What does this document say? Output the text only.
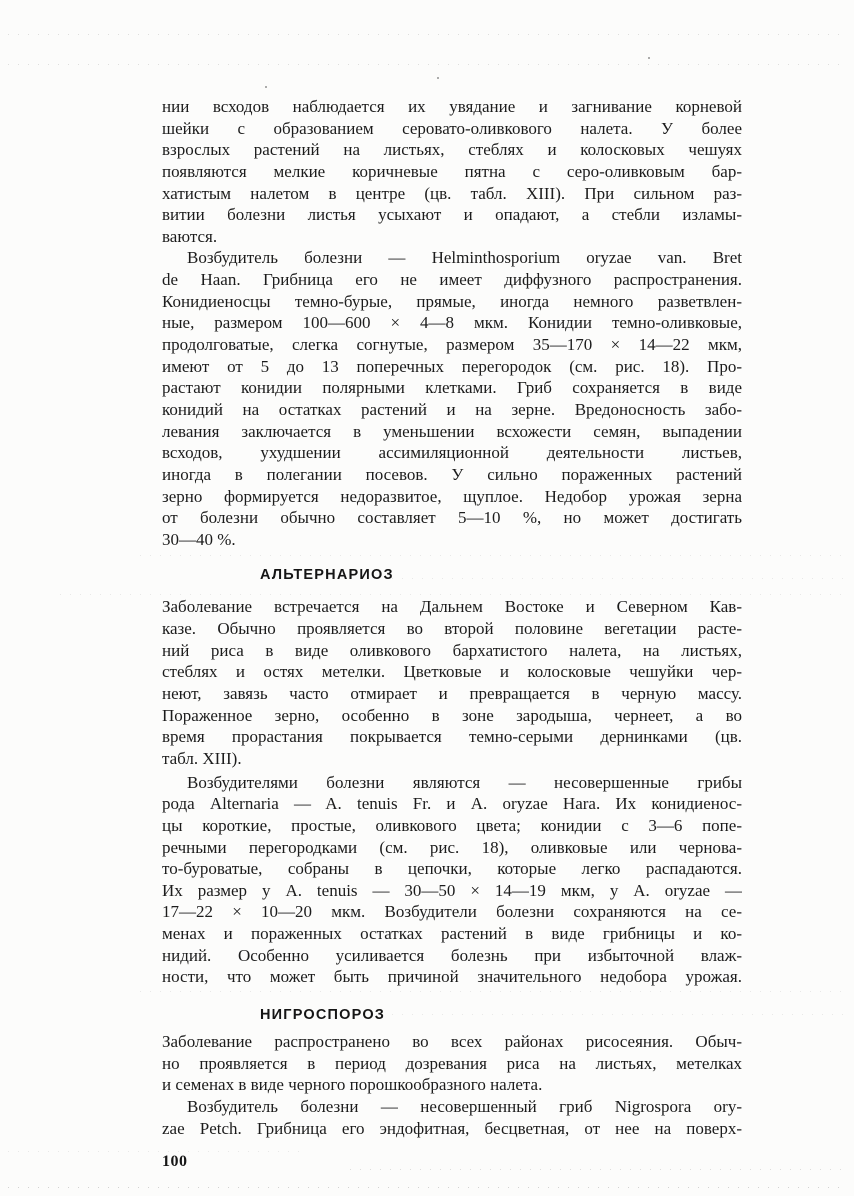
нии всходов наблюдается их увядание и загнивание корневой
шейки с образованием серовато-оливкового налета. У более
взрослых растений на листьях, стеблях и колосковых чешуях
появляются мелкие коричневые пятна с серо-оливковым бар-
хатистым налетом в центре (цв. табл. XIII). При сильном раз-
витии болезни листья усыхают и опадают, а стебли изламы-
ваются.
Возбудитель болезни — Helminthosporium oryzae van. Bret
de Haan. Грибница его не имеет диффузного распространения.
Конидиеносцы темно-бурые, прямые, иногда немного разветвлен-
ные, размером 100—600 × 4—8 мкм. Конидии темно-оливковые,
продолговатые, слегка согнутые, размером 35—170 × 14—22 мкм,
имеют от 5 до 13 поперечных перегородок (см. рис. 18). Про-
растают конидии полярными клетками. Гриб сохраняется в виде
конидий на остатках растений и на зерне. Вредоносность забо-
левания заключается в уменьшении всхожести семян, выпадении
всходов, ухудшении ассимиляционной деятельности листьев,
иногда в полегании посевов. У сильно пораженных растений
зерно формируется недоразвитое, щуплое. Недобор урожая зерна
от болезни обычно составляет 5—10 %, но может достигать
30—40 %.
АЛЬТЕРНАРИОЗ
Заболевание встречается на Дальнем Востоке и Северном Кав-
казе. Обычно проявляется во второй половине вегетации расте-
ний риса в виде оливкового бархатистого налета, на листьях,
стеблях и остях метелки. Цветковые и колосковые чешуйки чер-
неют, завязь часто отмирает и превращается в черную массу.
Пораженное зерно, особенно в зоне зародыша, чернеет, а во
время прорастания покрывается темно-серыми дернинками (цв.
табл. XIII).
Возбудителями болезни являются — несовершенные грибы
рода Alternaria — A. tenuis Fr. и A. oryzae Hara. Их конидиенос-
цы короткие, простые, оливкового цвета; конидии с 3—6 попе-
речными перегородками (см. рис. 18), оливковые или чернова-
то-буроватые, собраны в цепочки, которые легко распадаются.
Их размер у A. tenuis — 30—50 × 14—19 мкм, у A. oryzae —
17—22 × 10—20 мкм. Возбудители болезни сохраняются на се-
менах и пораженных остатках растений в виде грибницы и ко-
нидий. Особенно усиливается болезнь при избыточной влаж-
ности, что может быть причиной значительного недобора урожая.
НИГРОСПОРОЗ
Заболевание распространено во всех районах рисосеяния. Обыч-
но проявляется в период дозревания риса на листьях, метелках
и семенах в виде черного порошкообразного налета.
Возбудитель болезни — несовершенный гриб Nigrospora ory-
zae Petch. Грибница его эндофитная, бесцветная, от нее на поверх-
100
